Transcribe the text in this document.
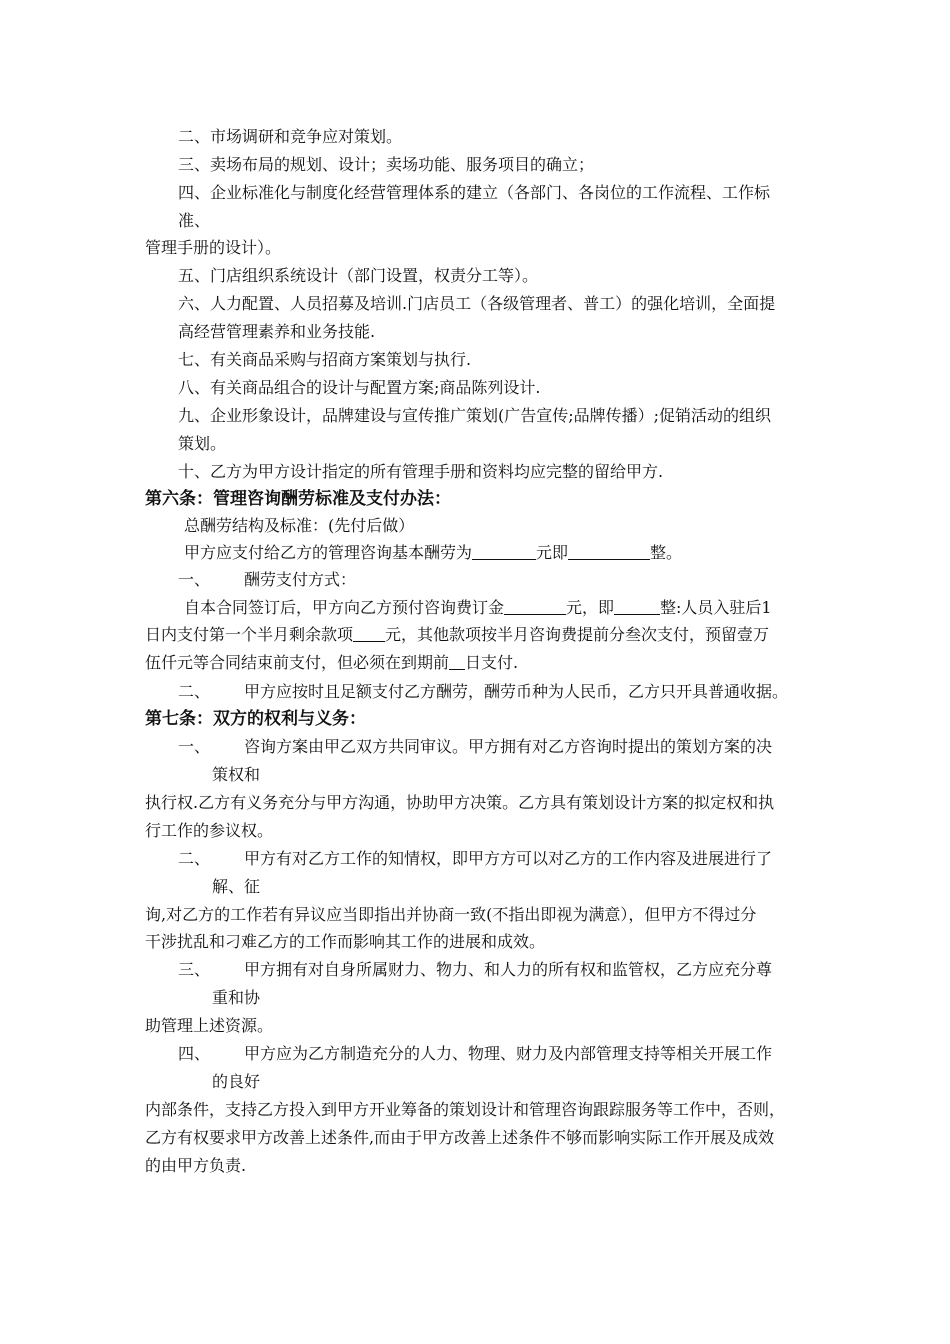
二、市场调研和竞争应对策划。
三、卖场布局的规划、设计；卖场功能、服务项目的确立；
四、企业标准化与制度化经营管理体系的建立（各部门、各岗位的工作流程、工作标
准、
管理手册的设计）。
五、门店组织系统设计（部门设置，权责分工等）。
六、人力配置、人员招募及培训.门店员工（各级管理者、普工）的强化培训，全面提
高经营管理素养和业务技能.
七、有关商品采购与招商方案策划与执行.
八、有关商品组合的设计与配置方案;商品陈列设计.
九、企业形象设计，品牌建设与宣传推广策划(广告宣传;品牌传播）;促销活动的组织
策划。
十、乙方为甲方设计指定的所有管理手册和资料均应完整的留给甲方.
第六条：管理咨询酬劳标准及支付办法：
总酬劳结构及标准：(先付后做）
甲方应支付给乙方的管理咨询基本酬劳为	元即	整。
一、 酬劳支付方式：
自本合同签订后，甲方向乙方预付咨询费订金	元，即	整:人员入驻后1
日内支付第一个半月剩余款项 元，其他款项按半月咨询费提前分叁次支付，预留壹万
伍仟元等合同结束前支付，但必须在到期前 日支付.
二、 甲方应按时且足额支付乙方酬劳，酬劳币种为人民币，乙方只开具普通收据。
第七条：双方的权利与义务：
一、 咨询方案由甲乙双方共同审议。甲方拥有对乙方咨询时提出的策划方案的决
策权和
执行权.乙方有义务充分与甲方沟通，协助甲方决策。乙方具有策划设计方案的拟定权和执
行工作的参议权。
二、 甲方有对乙方工作的知情权，即甲方方可以对乙方的工作内容及进展进行了
解、征
询,对乙方的工作若有异议应当即指出并协商一致(不指出即视为满意），但甲方不得过分
干涉扰乱和刁难乙方的工作而影响其工作的进展和成效。
三、 甲方拥有对自身所属财力、物力、和人力的所有权和监管权，乙方应充分尊
重和协
助管理上述资源。
四、 甲方应为乙方制造充分的人力、物理、财力及内部管理支持等相关开展工作
的良好
内部条件，支持乙方投入到甲方开业筹备的策划设计和管理咨询跟踪服务等工作中，否则，
乙方有权要求甲方改善上述条件,而由于甲方改善上述条件不够而影响实际工作开展及成效
的由甲方负责.
